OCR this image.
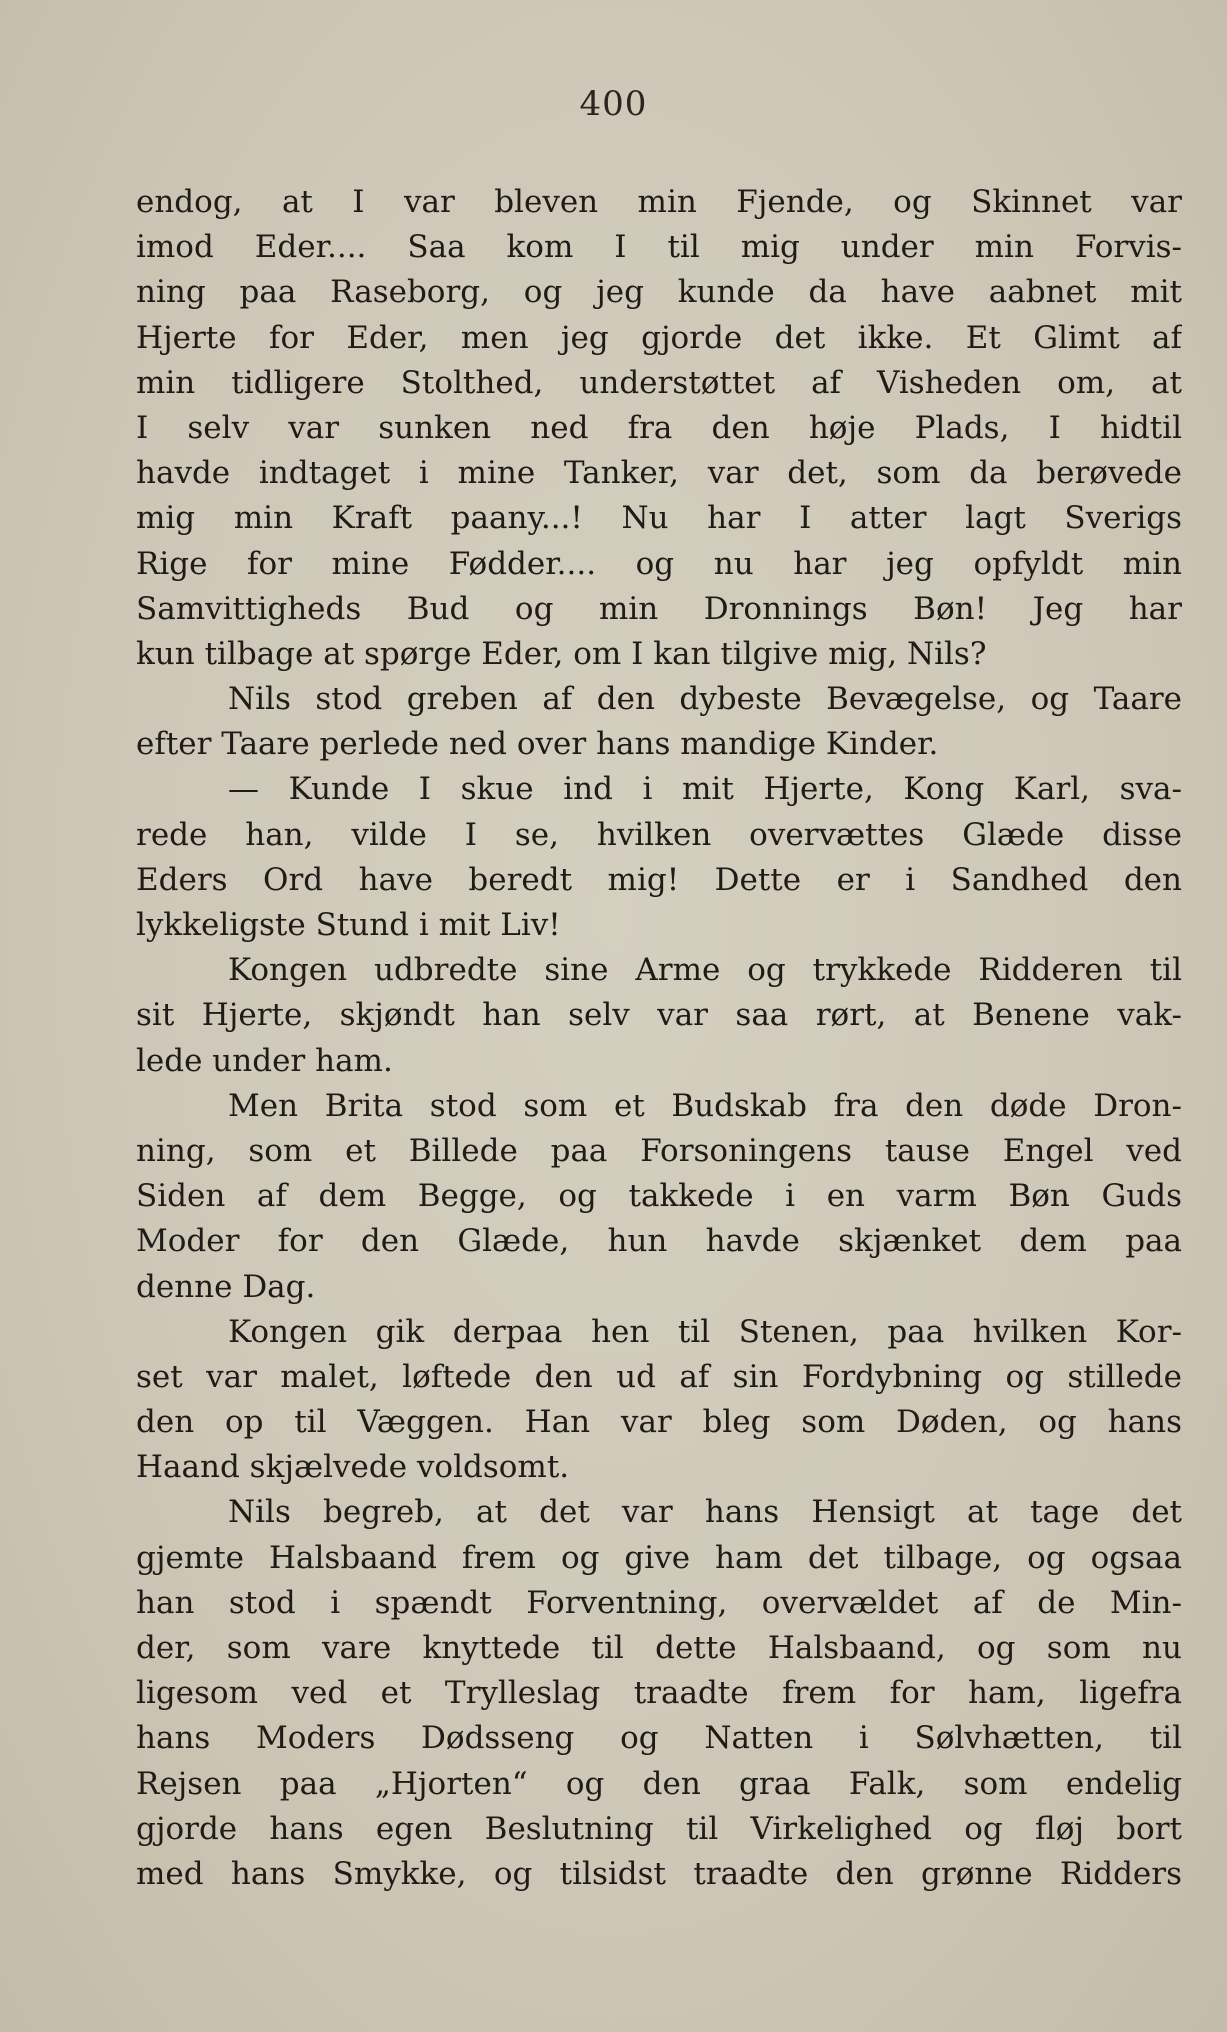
400
endog, at I var bleven min Fjende, og Skinnet var
imod Eder.... Saa kom I til mig under min Forvis-
ning paa Raseborg, og jeg kunde da have aabnet mit
Hjerte for Eder, men jeg gjorde det ikke. Et Glimt af
min tidligere Stolthed, understøttet af Visheden om, at
I selv var sunken ned fra den høje Plads, I hidtil
havde indtaget i mine Tanker, var det, som da berøvede
mig min Kraft paany...! Nu har I atter lagt Sverigs
Rige for mine Fødder.... og nu har jeg opfyldt min
Samvittigheds Bud og min Dronnings Bøn! Jeg har
kun tilbage at spørge Eder, om I kan tilgive mig, Nils?
Nils stod greben af den dybeste Bevægelse, og Taare
efter Taare perlede ned over hans mandige Kinder.
— Kunde I skue ind i mit Hjerte, Kong Karl, sva-
rede han, vilde I se, hvilken overvættes Glæde disse
Eders Ord have beredt mig! Dette er i Sandhed den
lykkeligste Stund i mit Liv!
Kongen udbredte sine Arme og trykkede Ridderen til
sit Hjerte, skjøndt han selv var saa rørt, at Benene vak-
lede under ham.
Men Brita stod som et Budskab fra den døde Dron-
ning, som et Billede paa Forsoningens tause Engel ved
Siden af dem Begge, og takkede i en varm Bøn Guds
Moder for den Glæde, hun havde skjænket dem paa
denne Dag.
Kongen gik derpaa hen til Stenen, paa hvilken Kor-
set var malet, løftede den ud af sin Fordybning og stillede
den op til Væggen. Han var bleg som Døden, og hans
Haand skjælvede voldsomt.
Nils begreb, at det var hans Hensigt at tage det
gjemte Halsbaand frem og give ham det tilbage, og ogsaa
han stod i spændt Forventning, overvældet af de Min-
der, som vare knyttede til dette Halsbaand, og som nu
ligesom ved et Trylleslag traadte frem for ham, ligefra
hans Moders Dødsseng og Natten i Sølvhætten, til
Rejsen paa „Hjorten“ og den graa Falk, som endelig
gjorde hans egen Beslutning til Virkelighed og fløj bort
med hans Smykke, og tilsidst traadte den grønne Ridders
